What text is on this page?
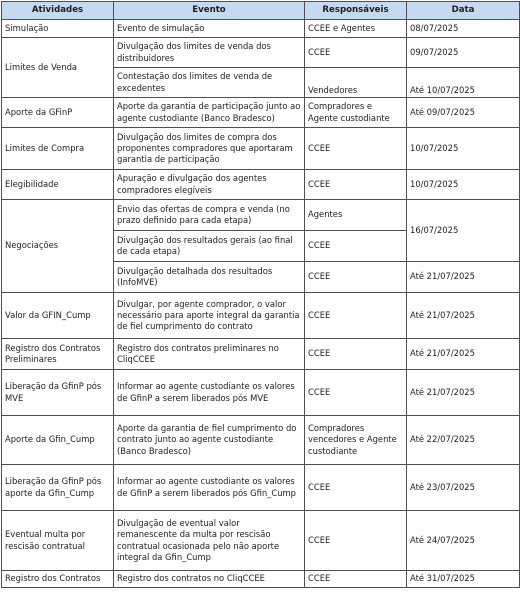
Atividades	Evento	Responsáveis	Data
Simulação	Evento de simulação	CCEE e Agentes	08/07/2025
Limites de Venda	Divulgação dos limites de venda dos distribuidores	CCEE	09/07/2025
	Contestação dos limites de venda de excedentes	Vendedores	Até 10/07/2025
Aporte da GFinP	Aporte da garantia de participação junto ao agente custodiante (Banco Bradesco)	Compradores e Agente custodiante	Até 09/07/2025
Limites de Compra	Divulgação dos limites de compra dos proponentes compradores que aportaram garantia de participação	CCEE	10/07/2025
Elegibilidade	Apuração e divulgação dos agentes compradores elegíveis	CCEE	10/07/2025
Negociações	Envio das ofertas de compra e venda (no prazo definido para cada etapa)	Agentes	16/07/2025
	Divulgação dos resultados gerais (ao final de cada etapa)	CCEE	
	Divulgação detalhada dos resultados (InfoMVE)	CCEE	Até 21/07/2025
Valor da GFIN_Cump	Divulgar, por agente comprador, o valor necessário para aporte integral da garantia de fiel cumprimento do contrato	CCEE	Até 21/07/2025
Registro dos Contratos Preliminares	Registro dos contratos preliminares no CliqCCEE	CCEE	Até 21/07/2025
Liberação da GfinP pós MVE	Informar ao agente custodiante os valores de GfinP a serem liberados pós MVE	CCEE	Até 21/07/2025
Aporte da Gfin_Cump	Aporte da garantia de fiel cumprimento do contrato junto ao agente custodiante (Banco Bradesco)	Compradores vencedores e Agente custodiante	Até 22/07/2025
Liberação da GfinP pós aporte da Gfin_Cump	Informar ao agente custodiante os valores de GfinP a serem liberados pós Gfin_Cump	CCEE	Até 23/07/2025
Eventual multa por rescisão contratual	Divulgação de eventual valor remanescente da multa por rescisão contratual ocasionada pelo não aporte integral da Gfin_Cump	CCEE	Até 24/07/2025
Registro dos Contratos	Registro dos contratos no CliqCCEE	CCEE	Até 31/07/2025
